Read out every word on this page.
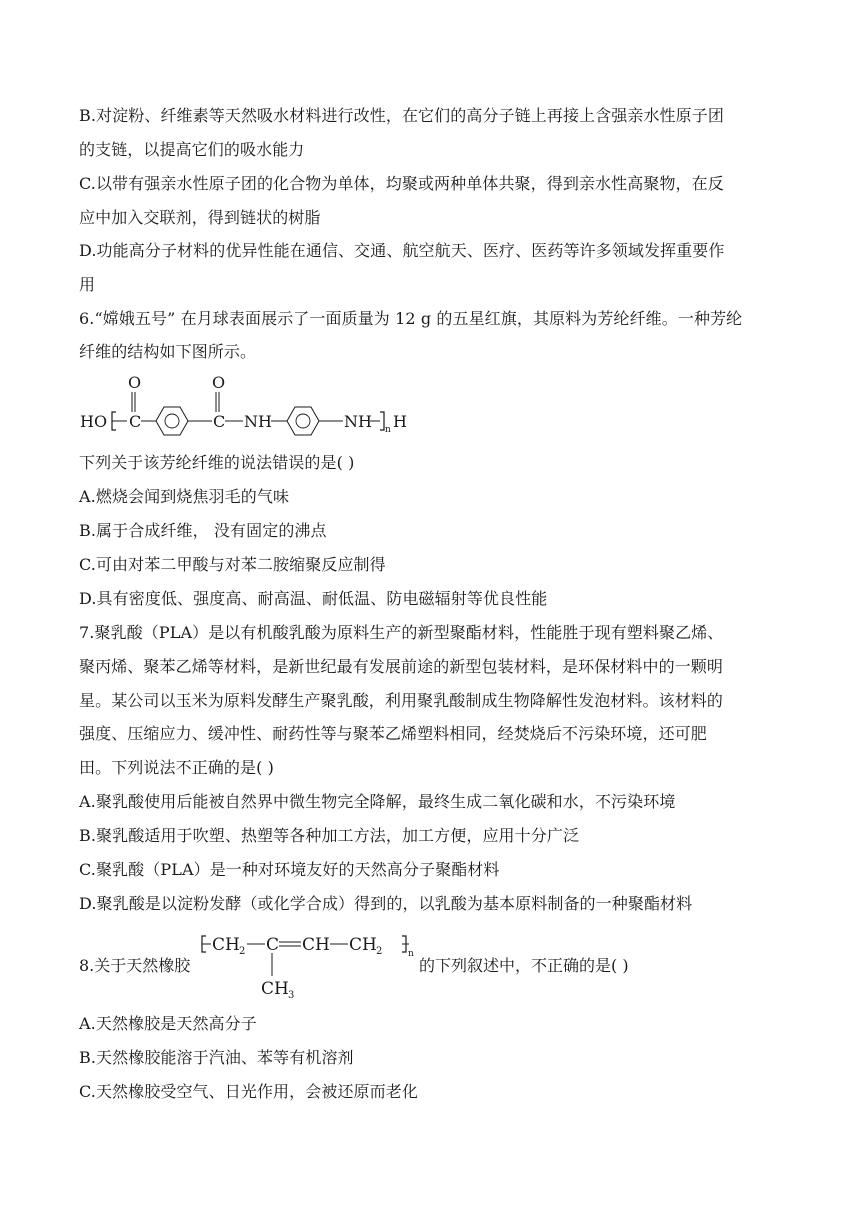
B.对淀粉、纤维素等天然吸水材料进行改性，在它们的高分子链上再接上含强亲水性原子团
的支链，以提高它们的吸水能力
C.以带有强亲水性原子团的化合物为单体，均聚或两种单体共聚，得到亲水性高聚物，在反
应中加入交联剂，得到链状的树脂
D.功能高分子材料的优异性能在通信、交通、航空航天、医疗、医药等许多领域发挥重要作
用
6.“嫦娥五号” 在月球表面展示了一面质量为 12 g 的五星红旗，其原料为芳纶纤维。一种芳纶
纤维的结构如下图所示。
O	O
HO C	C NH	NH n H
下列关于该芳纶纤维的说法错误的是( )
A.燃烧会闻到烧焦羽毛的气味
B.属于合成纤维， 没有固定的沸点
C.可由对苯二甲酸与对苯二胺缩聚反应制得
D.具有密度低、强度高、耐高温、耐低温、防电磁辐射等优良性能
7.聚乳酸（PLA）是以有机酸乳酸为原料生产的新型聚酯材料，性能胜于现有塑料聚乙烯、
聚丙烯、聚苯乙烯等材料，是新世纪最有发展前途的新型包装材料，是环保材料中的一颗明
星。某公司以玉米为原料发酵生产聚乳酸，利用聚乳酸制成生物降解性发泡材料。该材料的
强度、压缩应力、缓冲性、耐药性等与聚苯乙烯塑料相同，经焚烧后不污染环境，还可肥
田。下列说法不正确的是( )
A.聚乳酸使用后能被自然界中微生物完全降解，最终生成二氧化碳和水，不污染环境
B.聚乳酸适用于吹塑、热塑等各种加工方法，加工方便，应用十分广泛
C.聚乳酸（PLA）是一种对环境友好的天然高分子聚酯材料
D.聚乳酸是以淀粉发酵（或化学合成）得到的，以乳酸为基本原料制备的一种聚酯材料
8.关于天然橡胶
CH 2 C CH CH 2	n
CH 3
的下列叙述中，不正确的是( )
A.天然橡胶是天然高分子
B.天然橡胶能溶于汽油、苯等有机溶剂
C.天然橡胶受空气、日光作用，会被还原而老化
